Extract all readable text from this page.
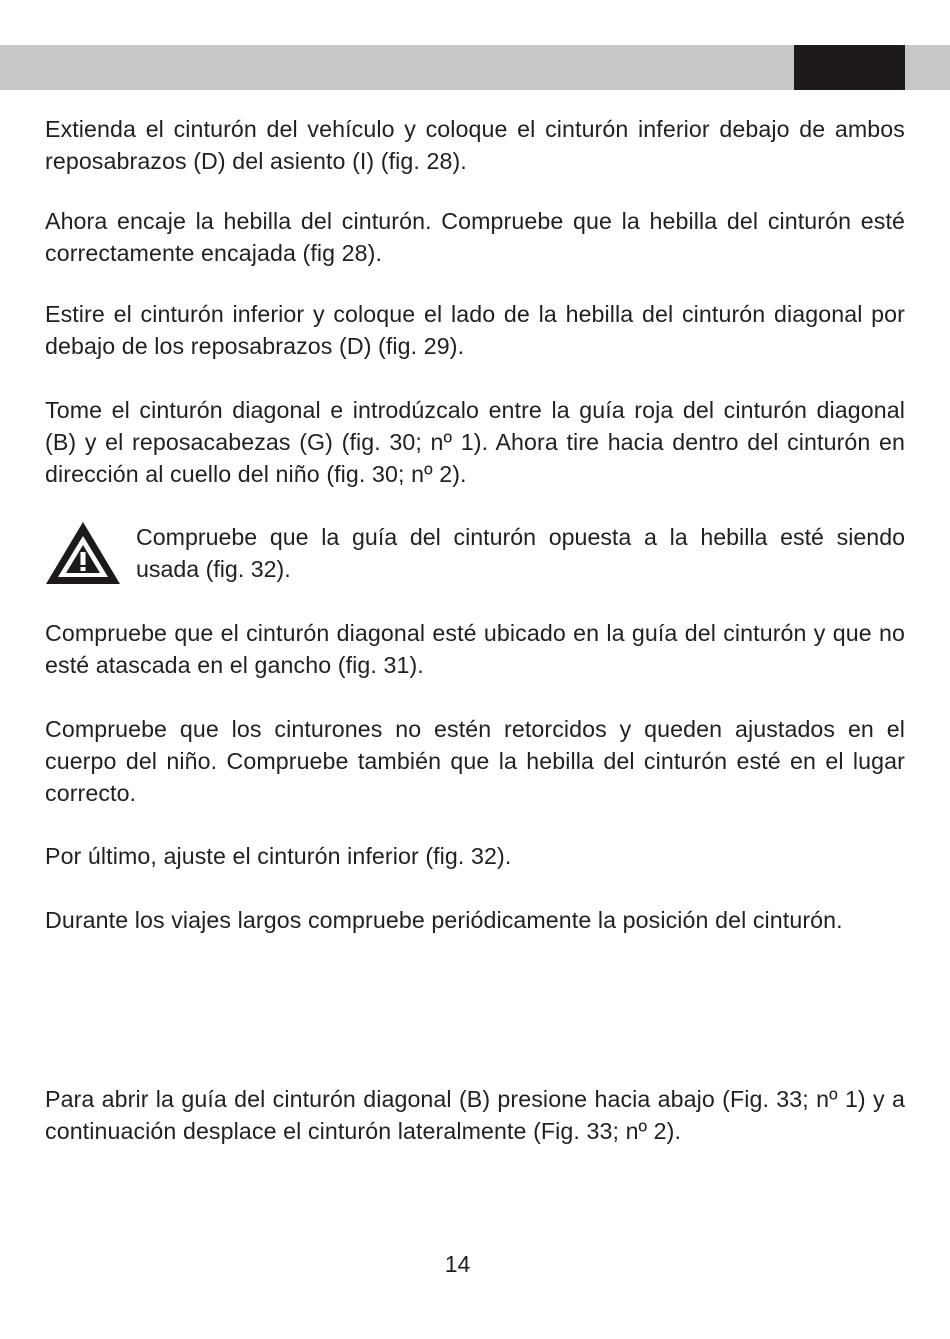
Extienda el cinturón del vehículo y coloque el cinturón inferior debajo de ambos reposabrazos (D) del asiento (I) (fig. 28).

Ahora encaje la hebilla del cinturón. Compruebe que la hebilla del cinturón esté correctamente encajada (fig 28).

Estire el cinturón inferior y coloque el lado de la hebilla del cinturón diagonal por debajo de los reposabrazos (D) (fig. 29).

Tome el cinturón diagonal e introdúzcalo entre la guía roja del cinturón diagonal (B) y el reposacabezas (G) (fig. 30; nº 1). Ahora tire hacia dentro del cinturón en dirección al cuello del niño (fig. 30; nº 2).

Compruebe que la guía del cinturón opuesta a la hebilla esté siendo usada (fig. 32).

Compruebe que el cinturón diagonal esté ubicado en la guía del cinturón y que no esté atascada en el gancho (fig. 31).

Compruebe que los cinturones no estén retorcidos y queden ajustados en el cuerpo del niño. Compruebe también que la hebilla del cinturón esté en el lugar correcto.

Por último, ajuste el cinturón inferior (fig. 32).

Durante los viajes largos compruebe periódicamente la posición del cinturón.

Para abrir la guía del cinturón diagonal (B) presione hacia abajo (Fig. 33; nº 1) y a continuación desplace el cinturón lateralmente (Fig. 33; nº 2).

14
